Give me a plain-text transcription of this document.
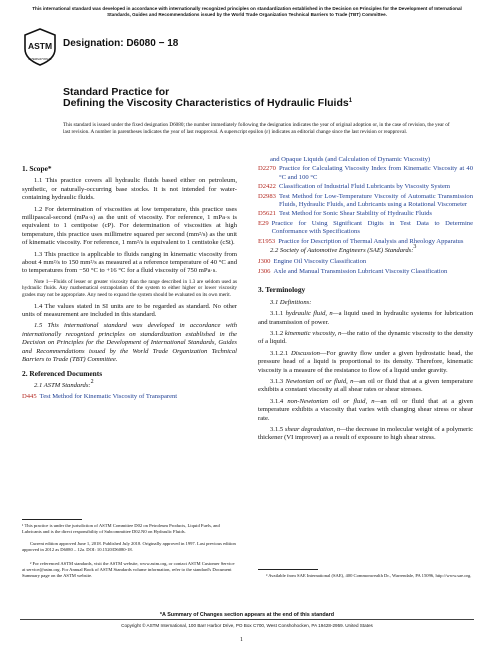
This international standard was developed in accordance with internationally recognized principles on standardization established in the Decision on Principles for the Development of International Standards, Guides and Recommendations issued by the World Trade Organization Technical Barriers to Trade (TBT) Committee.
ASTM
INTERNATIONAL
Designation: D6080 − 18
Standard Practice for
Defining the Viscosity Characteristics of Hydraulic Fluids$^1$
This standard is issued under the fixed designation D6080; the number immediately following the designation indicates the year of original adoption or, in the case of revision, the year of last revision. A number in parentheses indicates the year of last reapproval. A superscript epsilon (ε) indicates an editorial change since the last revision or reapproval.
1. Scope*
1.1 This practice covers all hydraulic fluids based either on petroleum, synthetic, or naturally-occurring base stocks. It is not intended for water-containing hydraulic fluids.
1.2 For determination of viscosities at low temperature, this practice uses millipascal-second (mPa·s) as the unit of viscosity. For reference, 1 mPa·s is equivalent to 1 centipoise (cP). For determination of viscosities at high temperature, this practice uses millimetre squared per second (mm²/s) as the unit of kinematic viscosity. For reference, 1 mm²/s is equivalent to 1 centistoke (cSt).
1.3 This practice is applicable to fluids ranging in kinematic viscosity from about 4 mm²/s to 150 mm²/s as measured at a reference temperature of 40 °C and to temperatures from −50 °C to +16 °C for a fluid viscosity of 750 mPa·s.
Note 1—Fluids of lesser or greater viscosity than the range described in 1.3 are seldom used as hydraulic fluids. Any mathematical extrapolation of the system to either higher or lower viscosity grades may not be appropriate. Any need to expand the system should be evaluated on its own merit.
1.4 The values stated in SI units are to be regarded as standard. No other units of measurement are included in this standard.
1.5 This international standard was developed in accordance with internationally recognized principles on standardization established in the Decision on Principles for the Development of International Standards, Guides and Recommendations issued by the World Trade Organization Technical Barriers to Trade (TBT) Committee.
2. Referenced Documents
2.1 ASTM Standards:2
D445 Test Method for Kinematic Viscosity of Transparent
and Opaque Liquids (and Calculation of Dynamic Viscosity)
D2270 Practice for Calculating Viscosity Index from Kinematic Viscosity at 40 °C and 100 °C
D2422 Classification of Industrial Fluid Lubricants by Viscosity System
D2983 Test Method for Low-Temperature Viscosity of Automatic Transmission Fluids, Hydraulic Fluids, and Lubricants using a Rotational Viscometer
D5621 Test Method for Sonic Shear Stability of Hydraulic Fluids
E29 Practice for Using Significant Digits in Test Data to Determine Conformance with Specifications
E1953 Practice for Description of Thermal Analysis and Rheology Apparatus
2.2 Society of Automotive Engineers (SAE) Standards:3
J300 Engine Oil Viscosity Classification
J306 Axle and Manual Transmission Lubricant Viscosity Classification
3. Terminology
3.1 Definitions:
3.1.1 hydraulic fluid, n—a liquid used in hydraulic systems for lubrication and transmission of power.
3.1.2 kinematic viscosity, n—the ratio of the dynamic viscosity to the density of a liquid.
3.1.2.1 Discussion—For gravity flow under a given hydrostatic head, the pressure head of a liquid is proportional to its density. Therefore, kinematic viscosity is a measure of the resistance to flow of a liquid under gravity.
3.1.3 Newtonian oil or fluid, n—an oil or fluid that at a given temperature exhibits a constant viscosity at all shear rates or shear stresses.
3.1.4 non-Newtonian oil or fluid, n—an oil or fluid that at a given temperature exhibits a viscosity that varies with changing shear stress or shear rate.
3.1.5 shear degradation, n—the decrease in molecular weight of a polymeric thickener (VI improver) as a result of exposure to high shear stress.
¹ This practice is under the jurisdiction of ASTM Committee D02 on Petroleum Products, Liquid Fuels, and Lubricants and is the direct responsibility of Subcommittee D02.N0 on Hydraulic Fluids.
Current edition approved June 1, 2018. Published July 2018. Originally approved in 1997. Last previous edition approved in 2012 as D6080 – 12a. DOI: 10.1520/D6080-18.
² For referenced ASTM standards, visit the ASTM website, www.astm.org, or contact ASTM Customer Service at service@astm.org. For Annual Book of ASTM Standards volume information, refer to the standard's Document Summary page on the ASTM website.	³ Available from SAE International (SAE), 400 Commonwealth Dr., Warrendale, PA 15096, http://www.sae.org.
*A Summary of Changes section appears at the end of this standard
Copyright © ASTM International, 100 Barr Harbor Drive, PO Box C700, West Conshohocken, PA 19428-2959. United States
1
